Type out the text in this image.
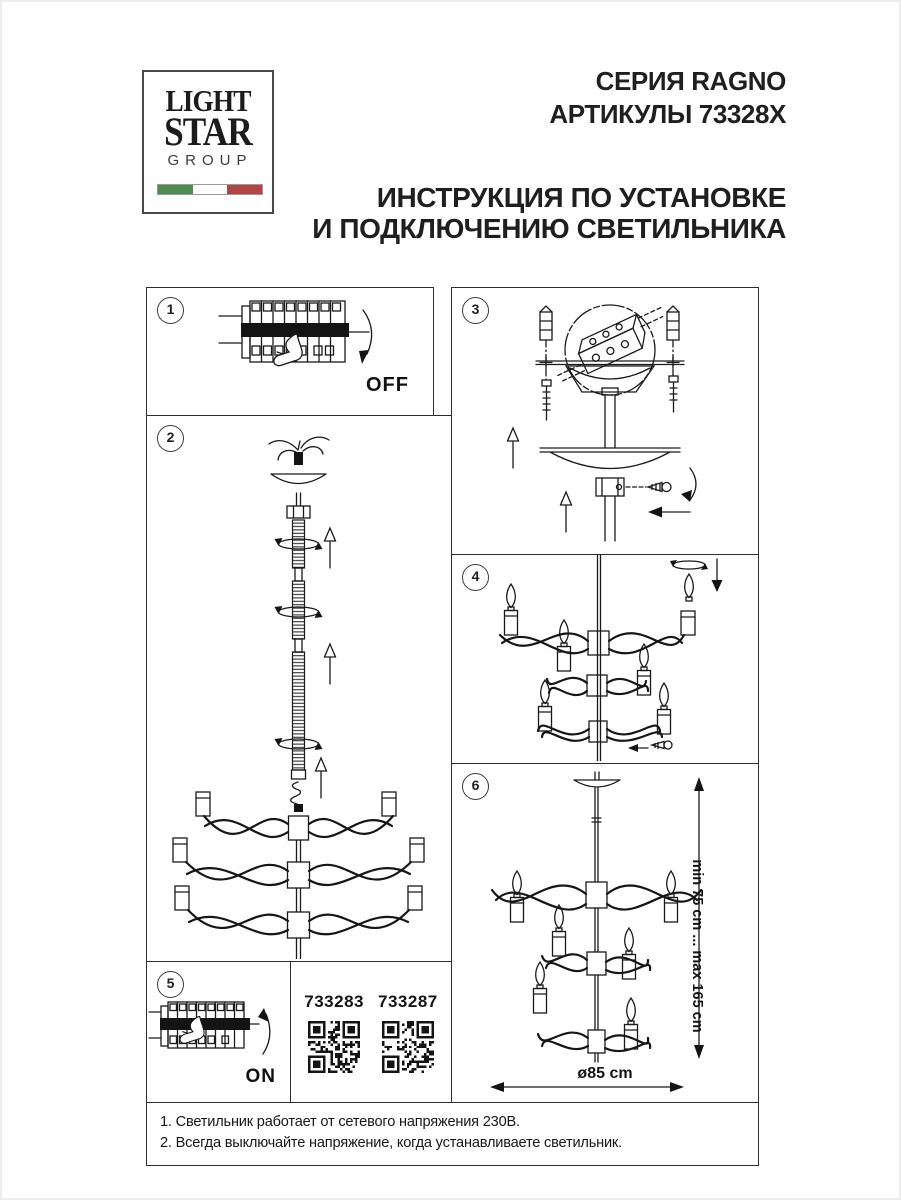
LIGHT
STAR
GROUP
СЕРИЯ RAGNO
АРТИКУЛЫ 73328X
ИНСТРУКЦИЯ ПО УСТАНОВКЕ
И ПОДКЛЮЧЕНИЮ СВЕТИЛЬНИКА
1
OFF
2
3
4
5
ON
733283 733287
6
min 75 cm ... max 165 cm
ø85 cm
1. Светильник работает от сетевого напряжения 230В.
2. Всегда выключайте напряжение, когда устанавливаете светильник.
